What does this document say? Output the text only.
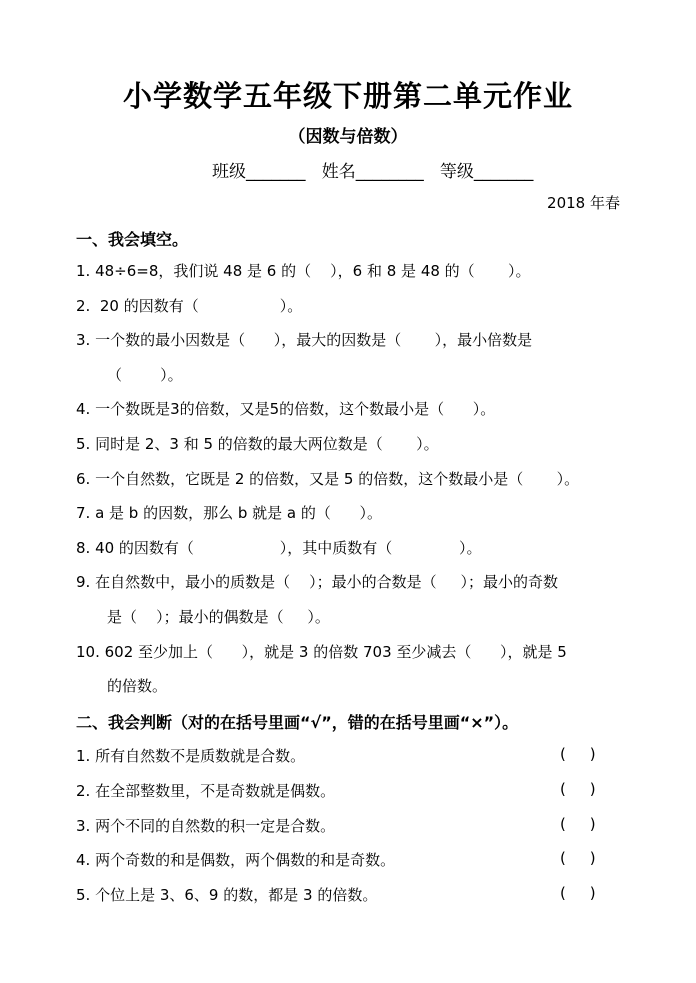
小学数学五年级下册第二单元作业
（因数与倍数）
班级_______   姓名________   等级_______
2018 年春
一、我会填空。
1. 48÷6=8，我们说 48 是 6 的（    ），6 和 8 是 48 的（       ）。
2.  20 的因数有（                 ）。
3. 一个数的最小因数是（      ），最大的因数是（       ），最小倍数是
（        ）。
4. 一个数既是3的倍数，又是5的倍数，这个数最小是（      ）。
5. 同时是 2、3 和 5 的倍数的最大两位数是（       ）。
6. 一个自然数，它既是 2 的倍数，又是 5 的倍数，这个数最小是（       ）。
7. a 是 b 的因数，那么 b 就是 a 的（      ）。
8. 40 的因数有（                  ），其中质数有（              ）。
9. 在自然数中，最小的质数是（    ）；最小的合数是（     ）；最小的奇数
是（    ）；最小的偶数是（     ）。
10. 602 至少加上（      ），就是 3 的倍数 703 至少减去（      ），就是 5
的倍数。
二、我会判断（对的在括号里画“√”，错的在括号里画“×”）。
1. 所有自然数不是质数就是合数。	(     )
2. 在全部整数里，不是奇数就是偶数。	(     )
3. 两个不同的自然数的积一定是合数。	(     )
4. 两个奇数的和是偶数，两个偶数的和是奇数。	(     )
5. 个位上是 3、6、9 的数，都是 3 的倍数。	(     )
